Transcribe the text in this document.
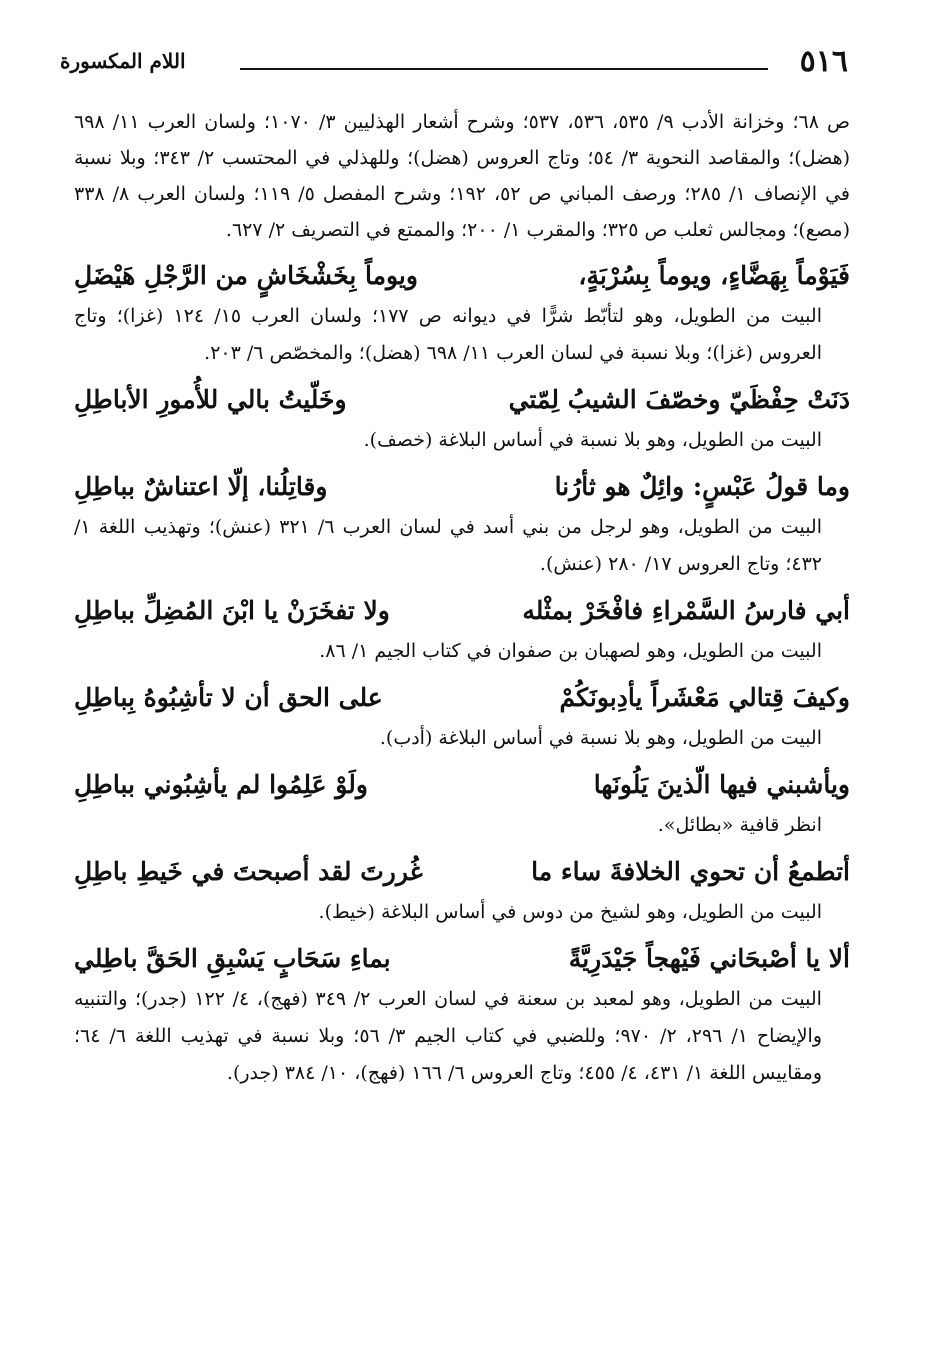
٥١٦
اللام المكسورة

ص ٦٨؛ وخزانة الأدب ٩/ ٥٣٥، ٥٣٦، ٥٣٧؛ وشرح أشعار الهذليين ٣/ ١٠٧٠؛ ولسان العرب ١١/ ٦٩٨ (هضل)؛ والمقاصد النحوية ٣/ ٥٤؛ وتاج العروس (هضل)؛ وللهذلي في المحتسب ٢/ ٣٤٣؛ وبلا نسبة في الإنصاف ١/ ٢٨٥؛ ورصف المباني ص ٥٢، ١٩٢؛ وشرح المفصل ٥/ ١١٩؛ ولسان العرب ٨/ ٣٣٨ (مصع)؛ ومجالس ثعلب ص ٣٢٥؛ والمقرب ١/ ٢٠٠؛ والممتع في التصريف ٢/ ٦٢٧.

فَيَوْماً بِهَضَّاءٍ، ويوماً بِسُرْبَةٍ،
ويوماً بِخَشْخَاشٍ من الرَّجْلِ هَيْضَلِ

البيت من الطويل، وهو لتأبّط شرًّا في ديوانه ص ١٧٧؛ ولسان العرب ١٥/ ١٢٤ (غزا)؛ وتاج العروس (غزا)؛ وبلا نسبة في لسان العرب ١١/ ٦٩٨ (هضل)؛ والمخصّص ٦/ ٢٠٣.

دَنَتْ حِفْظَيّ وخصّفَ الشيبُ لِمّتي
وخَلّيتُ بالي للأُمورِ الأباطِلِ

البيت من الطويل، وهو بلا نسبة في أساس البلاغة (خصف).

وما قولُ عَبْسٍ: وائِلٌ هو ثأرُنا
وقاتِلُنا، إلّا اعتناشٌ بباطِلِ

البيت من الطويل، وهو لرجل من بني أسد في لسان العرب ٦/ ٣٢١ (عنش)؛ وتهذيب اللغة ١/ ٤٣٢؛ وتاج العروس ١٧/ ٢٨٠ (عنش).

أبي فارسُ السَّمْراءِ فافْخَرْ بمثْله
ولا تفخَرَنْ يا ابْنَ المُضِلِّ بباطِلِ

البيت من الطويل، وهو لصهبان بن صفوان في كتاب الجيم ١/ ٨٦.

وكيفَ قِتالي مَعْشَراً يأدِبونَكُمْ
على الحق أن لا تأشِبُوهُ بِباطِلِ

البيت من الطويل، وهو بلا نسبة في أساس البلاغة (أدب).

ويأشبني فيها الّذينَ يَلُونَها
ولَوْ عَلِمُوا لم يأشِبُوني بباطِلِ

انظر قافية «بطائل».

أتطمعُ أن تحوي الخلافةَ ساء ما
غُررتَ لقد أصبحتَ في خَيطِ باطِلِ

البيت من الطويل، وهو لشيخ من دوس في أساس البلاغة (خيط).

ألا يا أصْبحَاني فَيْهجاً جَيْدَرِيَّةً
بماءِ سَحَابٍ يَسْبِقِ الحَقَّ باطِلي

البيت من الطويل، وهو لمعبد بن سعنة في لسان العرب ٢/ ٣٤٩ (فهج)، ٤/ ١٢٢ (جدر)؛ والتنبيه والإيضاح ١/ ٢٩٦، ٢/ ٩٧٠؛ وللضبي في كتاب الجيم ٣/ ٥٦؛ وبلا نسبة في تهذيب اللغة ٦/ ٦٤؛ ومقاييس اللغة ١/ ٤٣١، ٤/ ٤٥٥؛ وتاج العروس ٦/ ١٦٦ (فهج)، ١٠/ ٣٨٤ (جدر).
